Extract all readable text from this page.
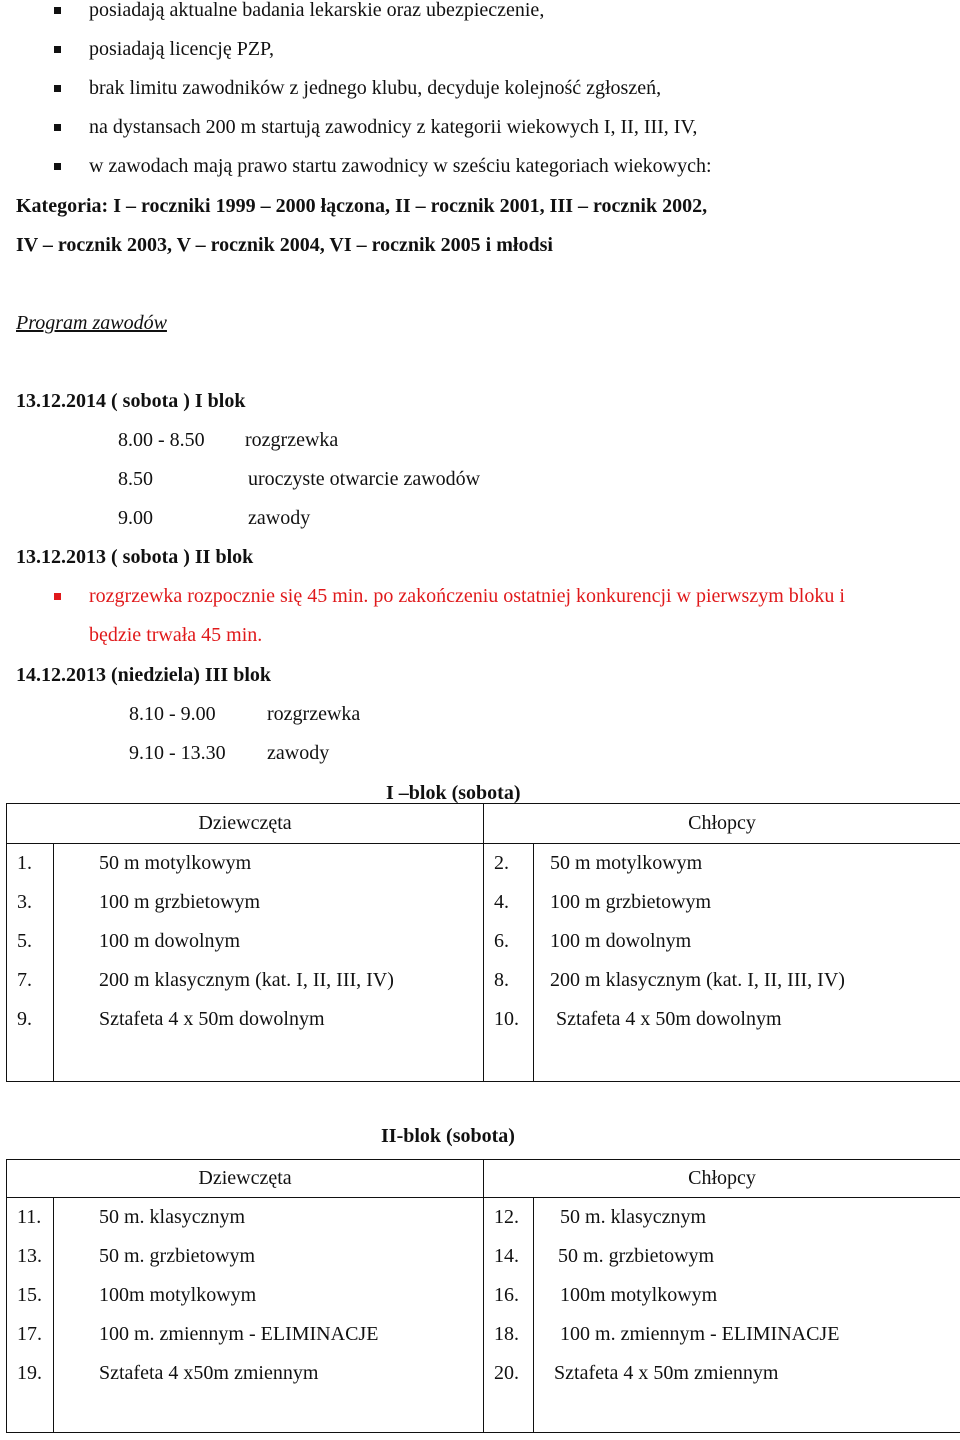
posiadają aktualne badania lekarskie oraz ubezpieczenie,
posiadają licencję PZP,
brak limitu zawodników z jednego klubu, decyduje kolejność zgłoszeń,
na dystansach 200 m startują zawodnicy z kategorii wiekowych I, II, III, IV,
w zawodach mają prawo startu zawodnicy w sześciu kategoriach wiekowych:
Kategoria: I – roczniki 1999 – 2000 łączona, II – rocznik 2001, III – rocznik 2002,
IV – rocznik 2003, V – rocznik 2004, VI – rocznik 2005 i młodsi
Program zawodów
13.12.2014 ( sobota ) I blok
8.00 - 8.50 rozgrzewka
8.50	uroczyste otwarcie zawodów
9.00	zawody
13.12.2013 ( sobota ) II blok
rozgrzewka rozpocznie się 45 min. po zakończeniu ostatniej konkurencji w pierwszym bloku i
będzie trwała 45 min.
14.12.2013 (niedziela) III blok
8.10 - 9.00	rozgrzewka
9.10 - 13.30 zawody
I –blok (sobota)
Dziewczęta		Chłopcy	
1.	50 m motylkowym	2.	50 m motylkowym
3.	100 m grzbietowym	4.	100 m grzbietowym
5.	100 m dowolnym	6.	100 m dowolnym
7.	200 m klasycznym (kat. I, II, III, IV)	8.	200 m klasycznym (kat. I, II, III, IV)
9.	Sztafeta 4 x 50m dowolnym	10.	Sztafeta 4 x 50m dowolnym

II-blok (sobota)
Dziewczęta		Chłopcy	
11.	50 m. klasycznym	12.	50 m. klasycznym
13.	50 m. grzbietowym	14.	50 m. grzbietowym
15.	100m motylkowym	16.	100m motylkowym
17.	100 m. zmiennym - ELIMINACJE	18.	100 m. zmiennym - ELIMINACJE
19.	Sztafeta 4 x50m zmiennym	20.	Sztafeta 4 x 50m zmiennym
